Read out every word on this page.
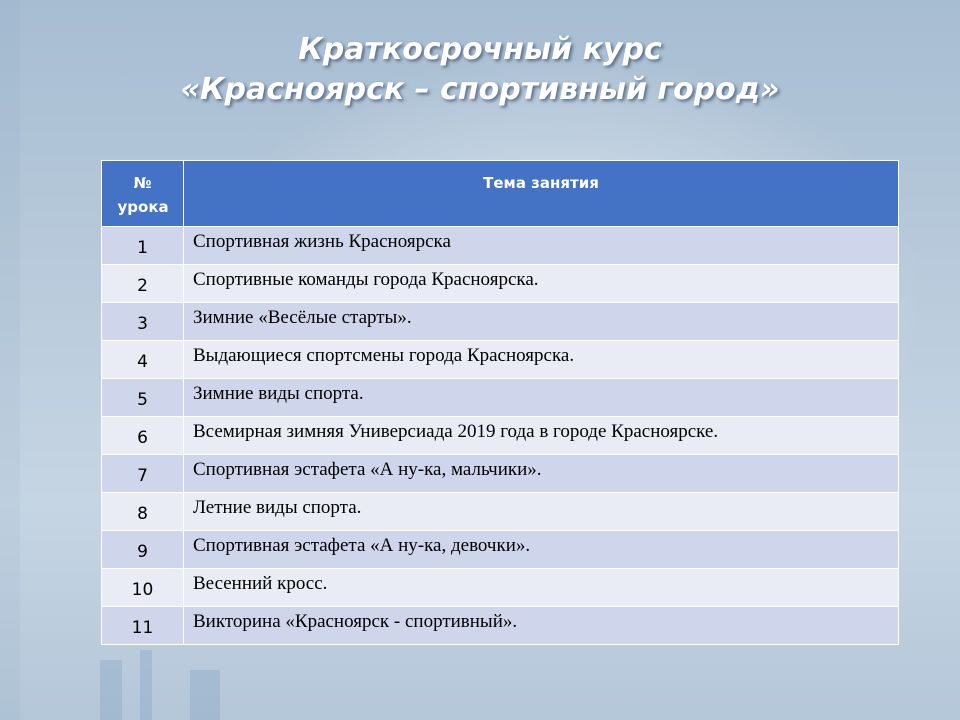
Краткосрочный курс
«Красноярск – спортивный город»
№ урока	Тема занятия
1	Спортивная жизнь Красноярска
2	Спортивные команды города Красноярска.
3	Зимние «Весёлые старты».
4	Выдающиеся спортсмены города Красноярска.
5	Зимние виды спорта.
6	Всемирная зимняя Универсиада 2019 года в городе Красноярске.
7	Спортивная эстафета «А ну-ка, мальчики».
8	Летние виды спорта.
9	Спортивная эстафета «А ну-ка, девочки».
10	Весенний кросс.
11	Викторина «Красноярск - спортивный».
